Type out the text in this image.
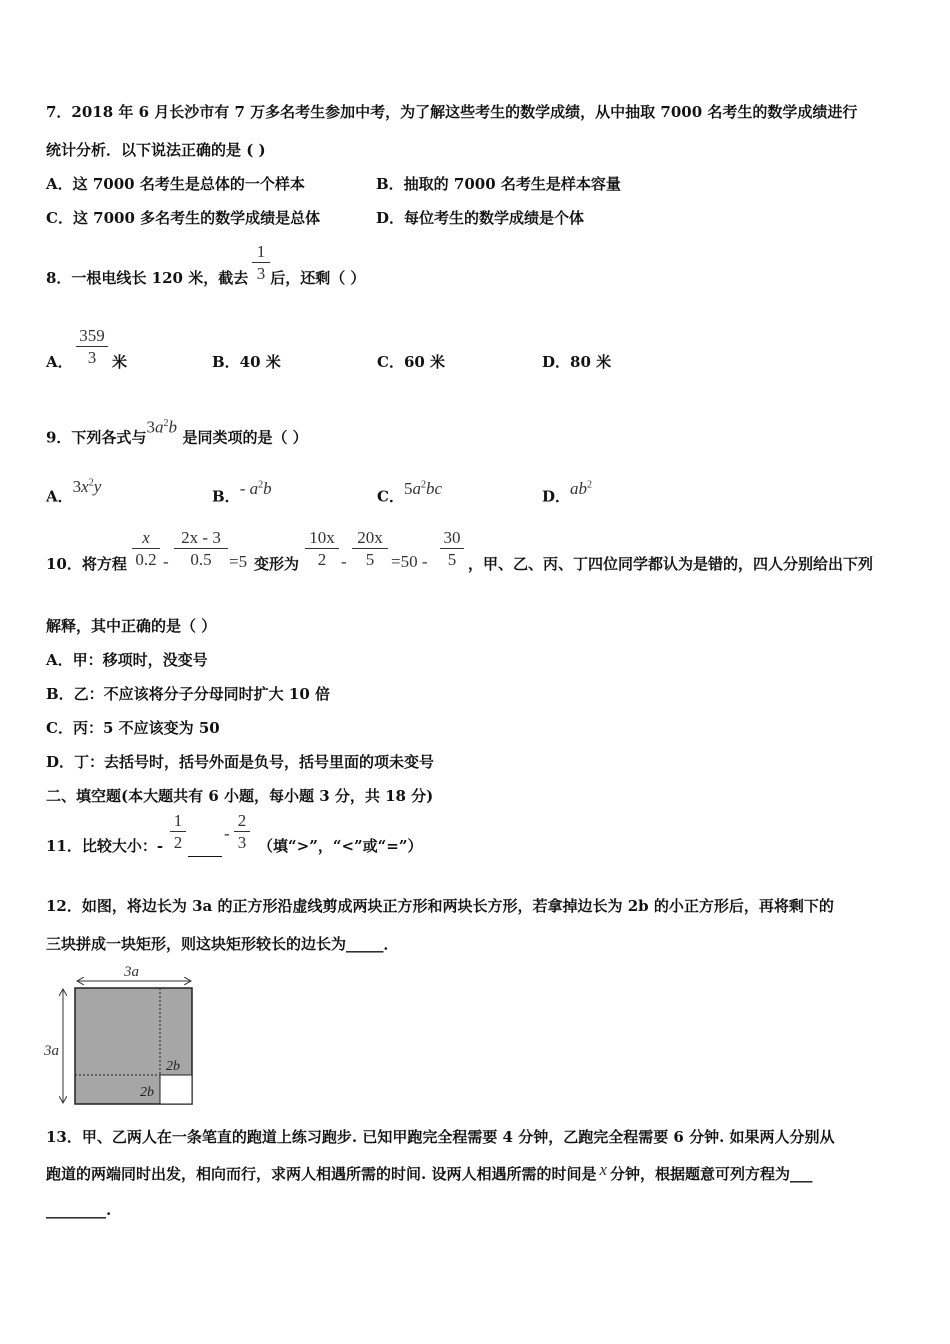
7．2018 年 6 月长沙市有 7 万多名考生参加中考，为了解这些考生的数学成绩，从中抽取 7000 名考生的数学成绩进行
统计分析．以下说法正确的是 ( )
A．这 7000 名考生是总体的一个样本	B．抽取的 7000 名考生是样本容量
C．这 7000 多名考生的数学成绩是总体	D．每位考生的数学成绩是个体
8．一根电线长 120 米，截去 后，还剩（ ）
$\frac{1}{3}$
A． $\frac{359}{3}$ 米	B．40 米	C．60 米	D．80 米
9．下列各式与$3a^2b$是同类项的是（ ）
A．$3x^2y$
B．- $a^2b$	C．$5a^2bc$	D．$ab^2$
10．将方程 $\frac{x}{0.2} - \frac{2x - 3}{0.5} =5$ 变形为 $\frac{10x}{2} - \frac{20x}{5} =50 - \frac{30}{5}$ ，甲、乙、丙、丁四位同学都认为是错的，四人分别给出下列
解释，其中正确的是（ ）
A．甲：移项时，没变号
B．乙：不应该将分子分母同时扩大 10 倍
C．丙：5 不应该变为 50
D．丁：去括号时，括号外面是负号，括号里面的项未变号
二、填空题(本大题共有 6 小题，每小题 3 分，共 18 分)
11．比较大小：- $\frac{1}{2}$
- $\frac{2}{3}$ （填“>”，“<”或“=”）
12．如图，将边长为 3a 的正方形沿虚线剪成两块正方形和两块长方形，若拿掉边长为 2b 的小正方形后，再将剩下的
三块拼成一块矩形，则这块矩形较长的边长为_____．
3a
3a
2b
2b
13．甲、乙两人在一条笔直的跑道上练习跑步. 已知甲跑完全程需要 4 分钟，乙跑完全程需要 6 分钟. 如果两人分别从
跑道的两端同时出发，相向而行，求两人相遇所需的时间. 设两人相遇所需的时间是 x 分钟，根据题意可列方程为___
________.
